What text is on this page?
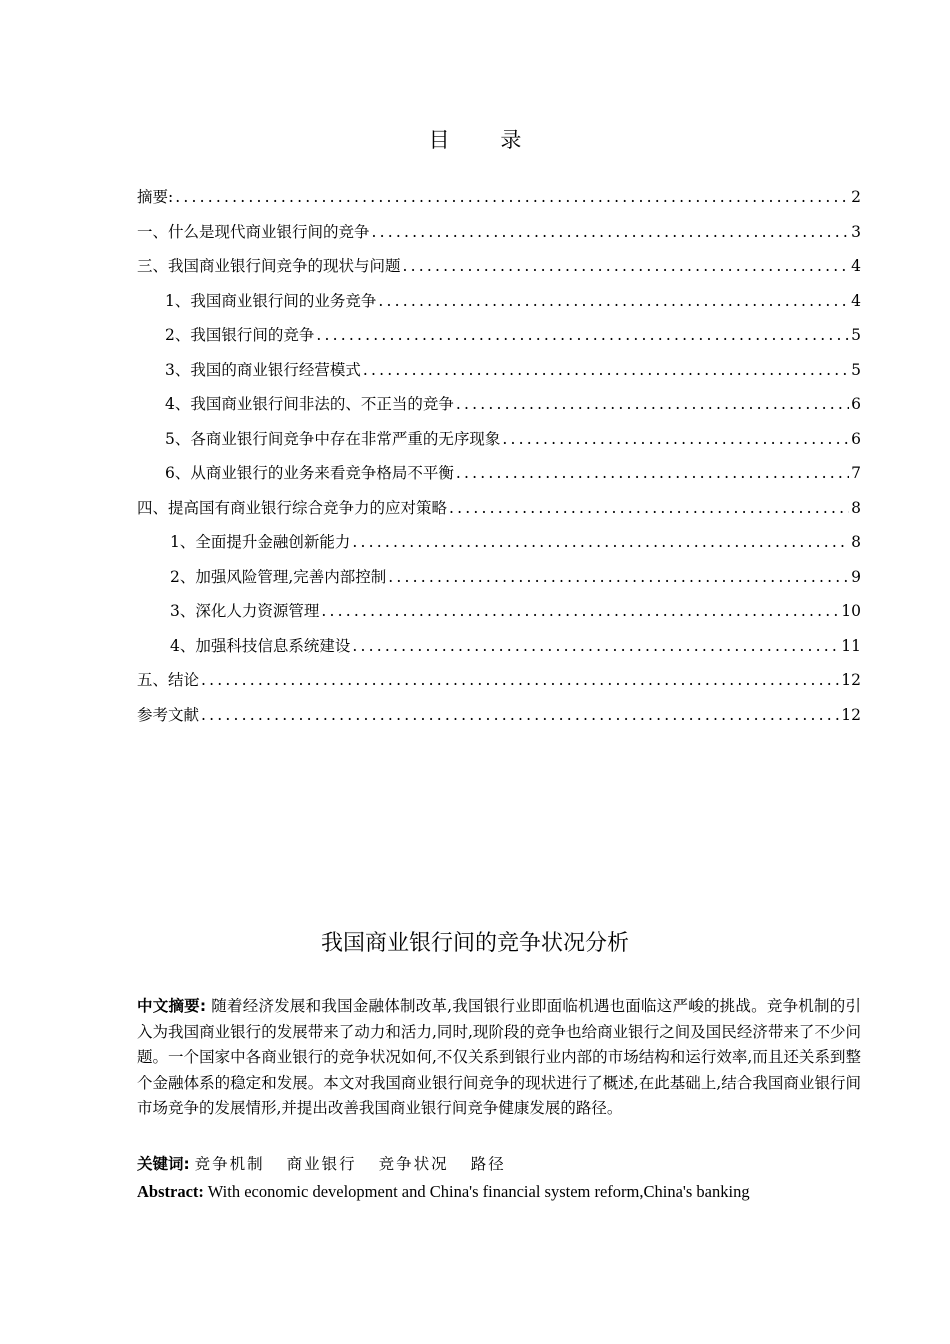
目 录
摘要: .....	2
一、什么是现代商业银行间的竞争 .....	3
三、我国商业银行间竞争的现状与问题 .....	4
1、我国商业银行间的业务竞争 .....	4
2、我国银行间的竞争 .....	5
3、我国的商业银行经营模式 .....	5
4、我国商业银行间非法的、不正当的竞争 .....	6
5、各商业银行间竞争中存在非常严重的无序现象 .....	6
6、从商业银行的业务来看竞争格局不平衡 .....	7
四、提高国有商业银行综合竞争力的应对策略 .....	8
1、全面提升金融创新能力 .....	8
2、加强风险管理,完善内部控制 .....	9
3、深化人力资源管理 .....	10
4、加强科技信息系统建设 .....	11
五、结论 .....	12
参考文献 .....	12
我国商业银行间的竞争状况分析
中文摘要: 随着经济发展和我国金融体制改革,我国银行业即面临机遇也面临这严峻的挑战。竞争机制的引入为我国商业银行的发展带来了动力和活力,同时,现阶段的竞争也给商业银行之间及国民经济带来了不少问题。一个国家中各商业银行的竞争状况如何,不仅关系到银行业内部的市场结构和运行效率,而且还关系到整个金融体系的稳定和发展。本文对我国商业银行间竞争的现状进行了概述,在此基础上,结合我国商业银行间市场竞争的发展情形,并提出改善我国商业银行间竞争健康发展的路径。
关键词: 竞争机制 商业银行 竞争状况 路径
Abstract: With economic development and China's financial system reform,China's banking
